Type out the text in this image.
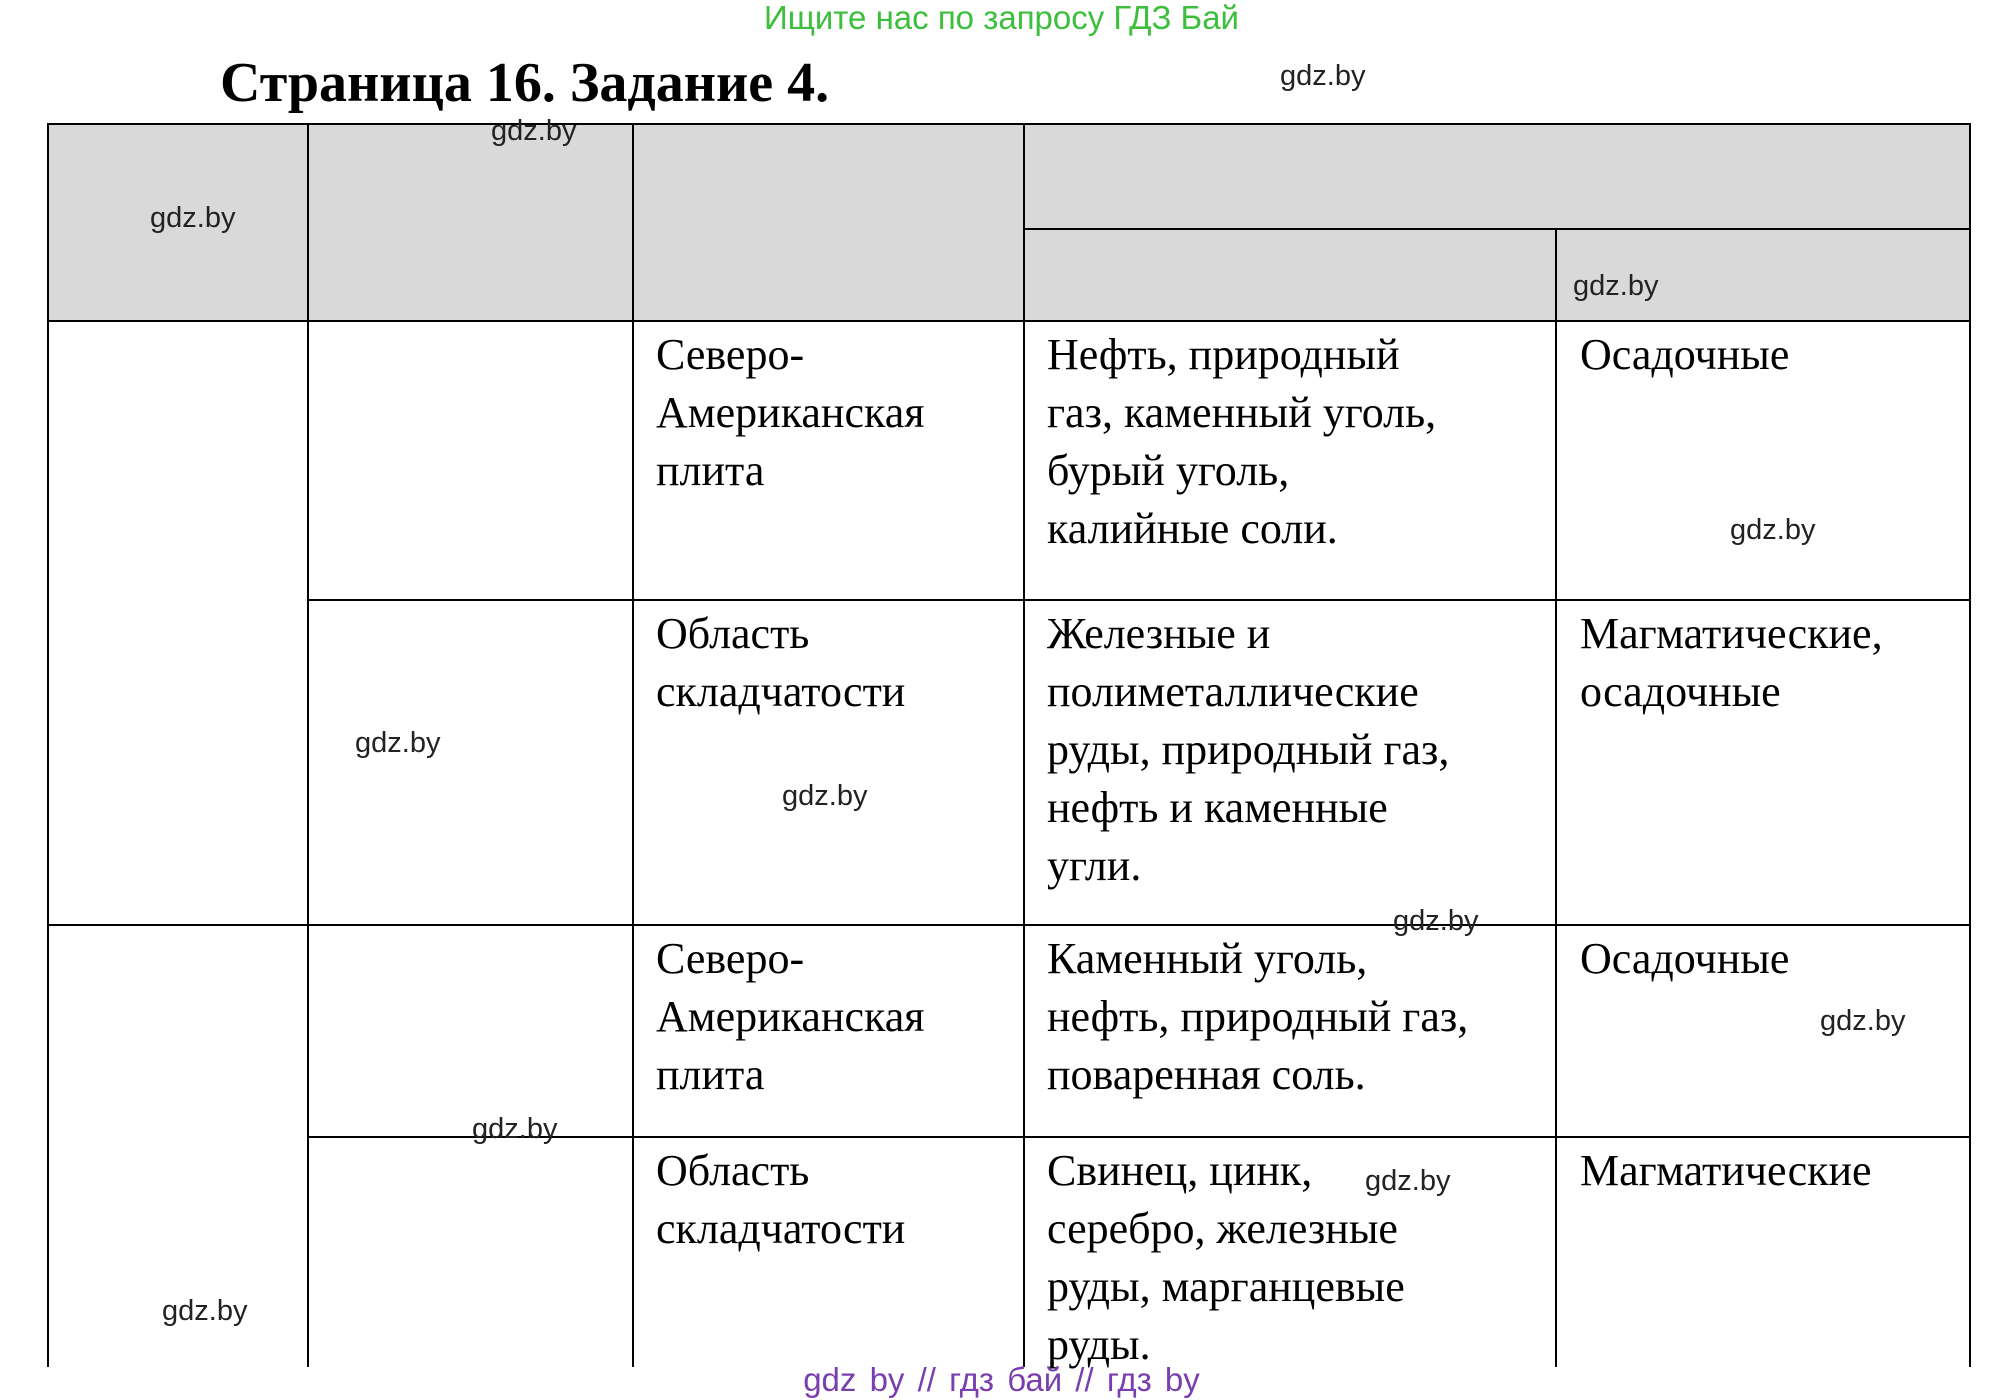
Ищите нас по запросу ГДЗ Бай
Страница 16. Задание 4.
Северо-
Американская
плита
Нефть, природный
газ, каменный уголь,
бурый уголь,
калийные соли.
Осадочные
Область
складчатости
Железные и
полиметаллические
руды, природный газ,
нефть и каменные
угли.
Магматические,
осадочные
Северо-
Американская
плита
Каменный уголь,
нефть, природный газ,
поваренная соль.
Осадочные
Область
складчатости
Свинец, цинк,
серебро, железные
руды, марганцевые
руды.
Магматические
gdz.by
gdz.by
gdz.by
gdz.by
gdz.by
gdz.by
gdz.by
gdz.by
gdz.by
gdz.by
gdz.by
gdz.by
gdz by // гдз бай // гдз by
